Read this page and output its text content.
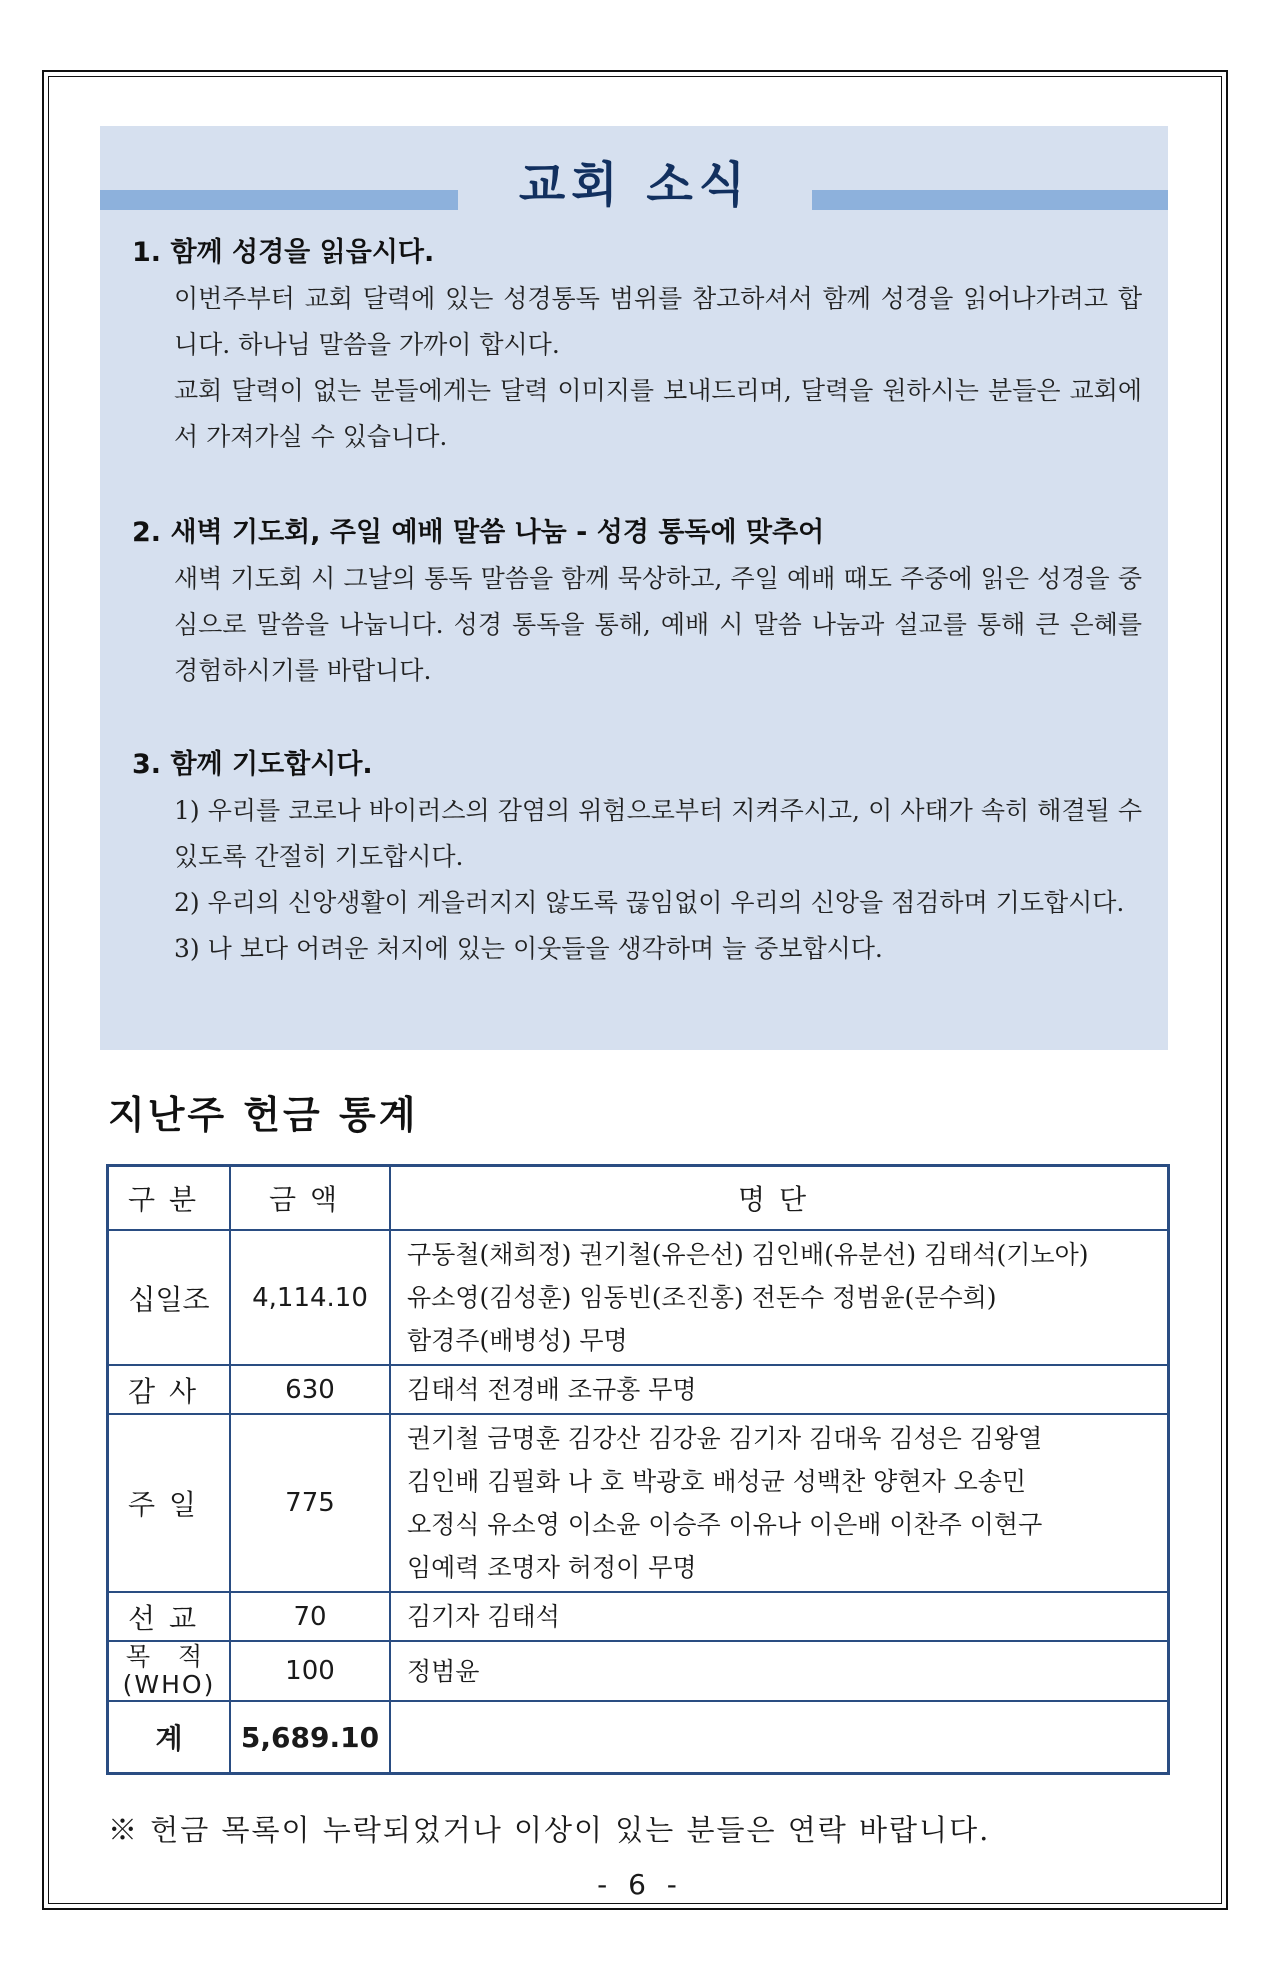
교회 소식
1. 함께 성경을 읽읍시다.

이번주부터 교회 달력에 있는 성경통독 범위를 참고하셔서 함께 성경을 읽어나가려고 합니다. 하나님 말씀을 가까이 합시다.

교회 달력이 없는 분들에게는 달력 이미지를 보내드리며, 달력을 원하시는 분들은 교회에서 가져가실 수 있습니다.

2. 새벽 기도회, 주일 예배 말씀 나눔 - 성경 통독에 맞추어

새벽 기도회 시 그날의 통독 말씀을 함께 묵상하고, 주일 예배 때도 주중에 읽은 성경을 중심으로 말씀을 나눕니다. 성경 통독을 통해, 예배 시 말씀 나눔과 설교를 통해 큰 은혜를 경험하시기를 바랍니다.

3. 함께 기도합시다.

1) 우리를 코로나 바이러스의 감염의 위험으로부터 지켜주시고, 이 사태가 속히 해결될 수 있도록 간절히 기도합시다.

2) 우리의 신앙생활이 게을러지지 않도록 끊임없이 우리의 신앙을 점검하며 기도합시다.

3) 나 보다 어려운 처지에 있는 이웃들을 생각하며 늘 중보합시다.

지난주 헌금 통계
구분	금액	명단
십일조	4,114.10	구동철(채희정) 권기철(유은선) 김인배(유분선) 김태석(기노아)
유소영(김성훈) 임동빈(조진홍) 전돈수 정범윤(문수희)
함경주(배병성) 무명

감사	630	김태석 전경배 조규홍 무명

주일	775	권기철 금명훈 김강산 김강윤 김기자 김대욱 김성은 김왕열
김인배 김필화 나 호 박광호 배성균 성백찬 양현자 오송민
오정식 유소영 이소윤 이승주 이유나 이은배 이찬주 이현구
임예력 조명자 허정이 무명

선교	70	김기자 김태석

목 적
(WHO)	100	정범윤

계	5,689.10	

※ 헌금 목록이 누락되었거나 이상이 있는 분들은 연락 바랍니다.

- 6 -
